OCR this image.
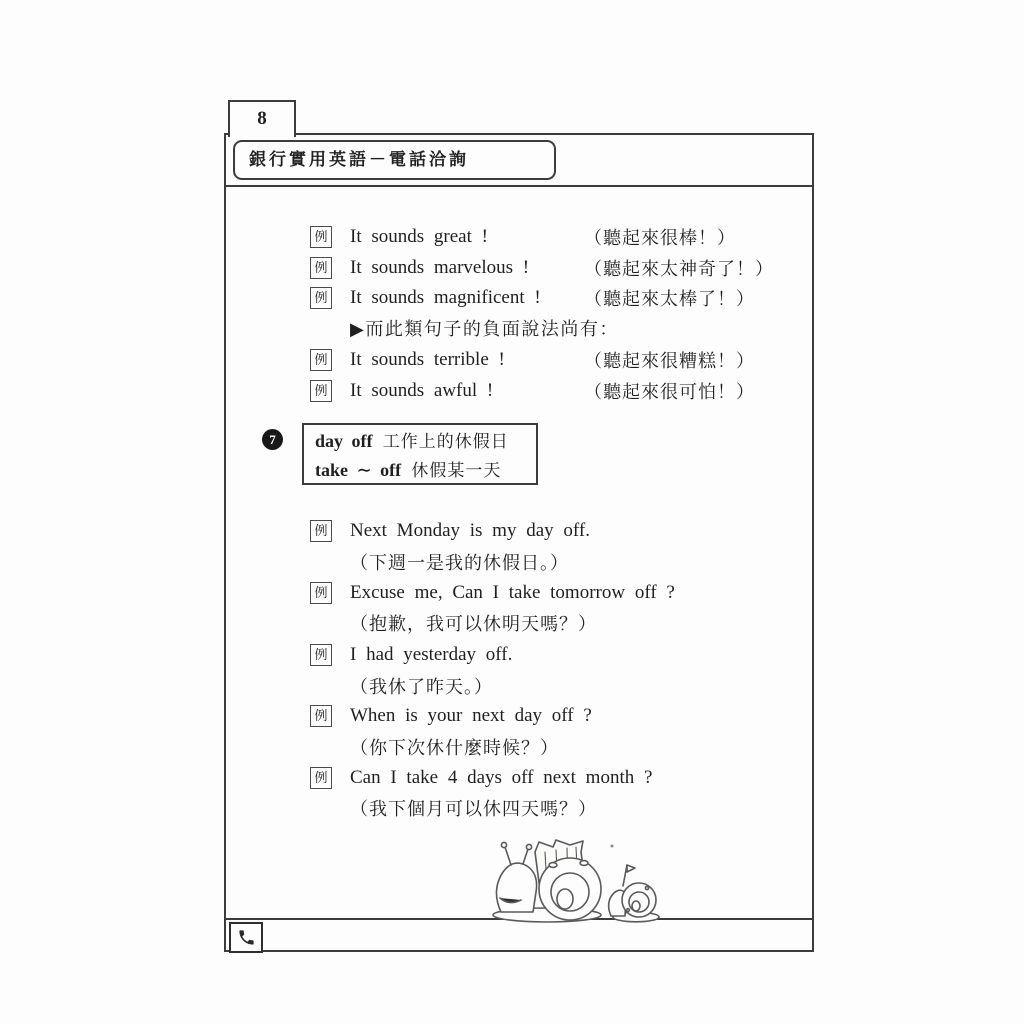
8
銀行實用英語－電話洽詢
例 It sounds great !	（聽起來很棒！）
例 It sounds marvelous !	（聽起來太神奇了！）
例 It sounds magnificent ! （聽起來太棒了！）
▶而此類句子的負面說法尚有：
例 It sounds terrible !	（聽起來很糟糕！）
例 It sounds awful !	（聽起來很可怕！）
7	day off 工作上的休假日
take ∼ off 休假某一天
例 Next Monday is my day off.
（下週一是我的休假日。）
例 Excuse me, Can I take tomorrow off ?
（抱歉，我可以休明天嗎？）
例 I had yesterday off.
（我休了昨天。）
例 When is your next day off ?
（你下次休什麼時候？）
例 Can I take 4 days off next month ?
（我下個月可以休四天嗎？）
